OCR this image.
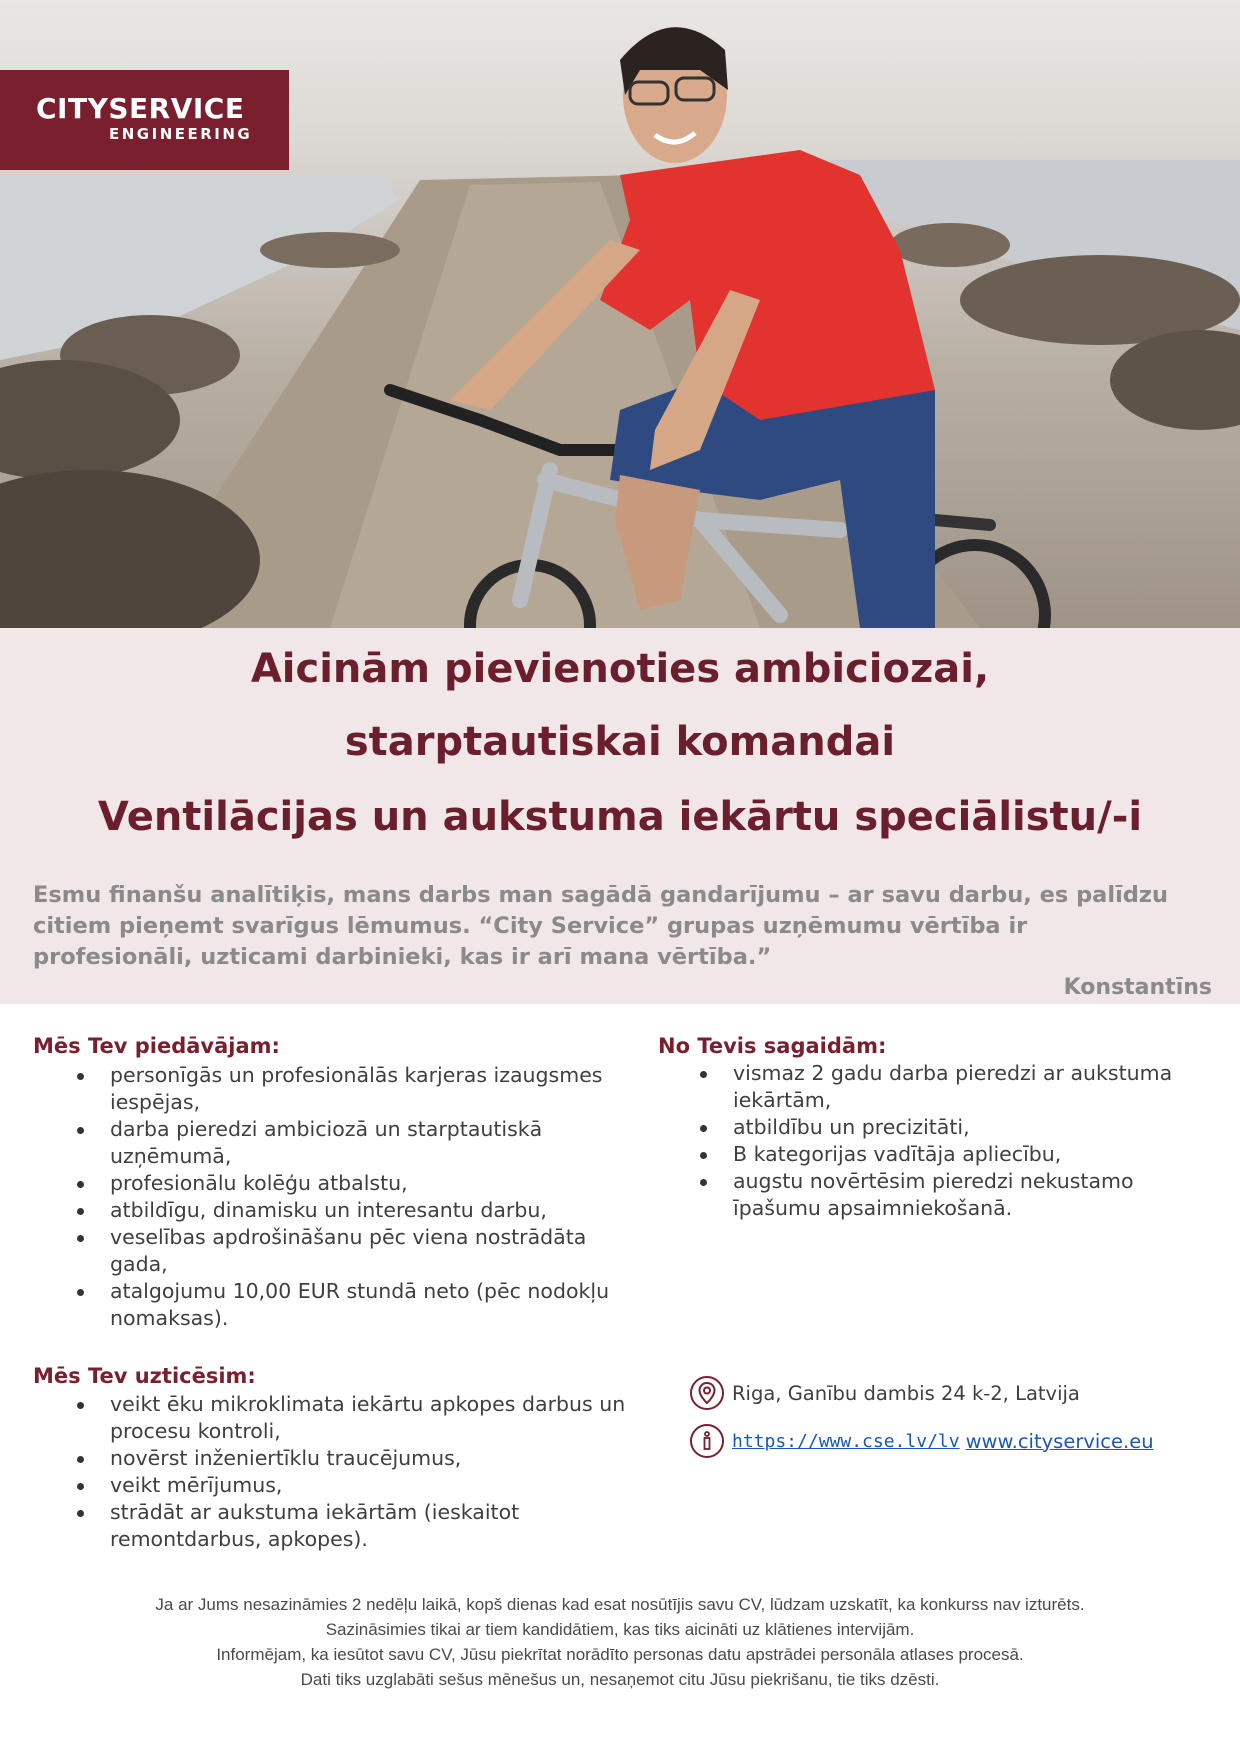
CITYSERVICE
ENGINEERING
Aicinām pievienoties ambiciozai,
starptautiskai komandai
Ventilācijas un aukstuma iekārtu speciālistu/-i
Esmu finanšu analītiķis, mans darbs man sagādā gandarījumu – ar savu darbu, es palīdzu citiem pieņemt svarīgus lēmumus. “City Service” grupas uzņēmumu vērtība ir profesionāli, uzticami darbinieki, kas ir arī mana vērtība.”
Konstantīns
Mēs Tev piedāvājam:
personīgās un profesionālās karjeras izaugsmes iespējas,
darba pieredzi ambiciozā un starptautiskā uzņēmumā,
profesionālu kolēģu atbalstu,
atbildīgu, dinamisku un interesantu darbu,
veselības apdrošināšanu pēc viena nostrādāta gada,
atalgojumu 10,00 EUR stundā neto (pēc nodokļu nomaksas).
No Tevis sagaidām:
vismaz 2 gadu darba pieredzi ar aukstuma iekārtām,
atbildību un precizitāti,
B kategorijas vadītāja apliecību,
augstu novērtēsim pieredzi nekustamo īpašumu apsaimniekošanā.
Mēs Tev uzticēsim:
veikt ēku mikroklimata iekārtu apkopes darbus un procesu kontroli,
novērst inženiertīklu traucējumus,
veikt mērījumus,
strādāt ar aukstuma iekārtām (ieskaitot remontdarbus, apkopes).
Riga, Ganību dambis 24 k-2, Latvija
https://www.cse.lv/lv www.cityservice.eu
Ja ar Jums nesazināmies 2 nedēļu laikā, kopš dienas kad esat nosūtījis savu CV, lūdzam uzskatīt, ka konkurss nav izturēts.
Sazināsimies tikai ar tiem kandidātiem, kas tiks aicināti uz klātienes intervijām.
Informējam, ka iesūtot savu CV, Jūsu piekrītat norādīto personas datu apstrādei personāla atlases procesā.
Dati tiks uzglabāti sešus mēnešus un, nesaņemot citu Jūsu piekrišanu, tie tiks dzēsti.
